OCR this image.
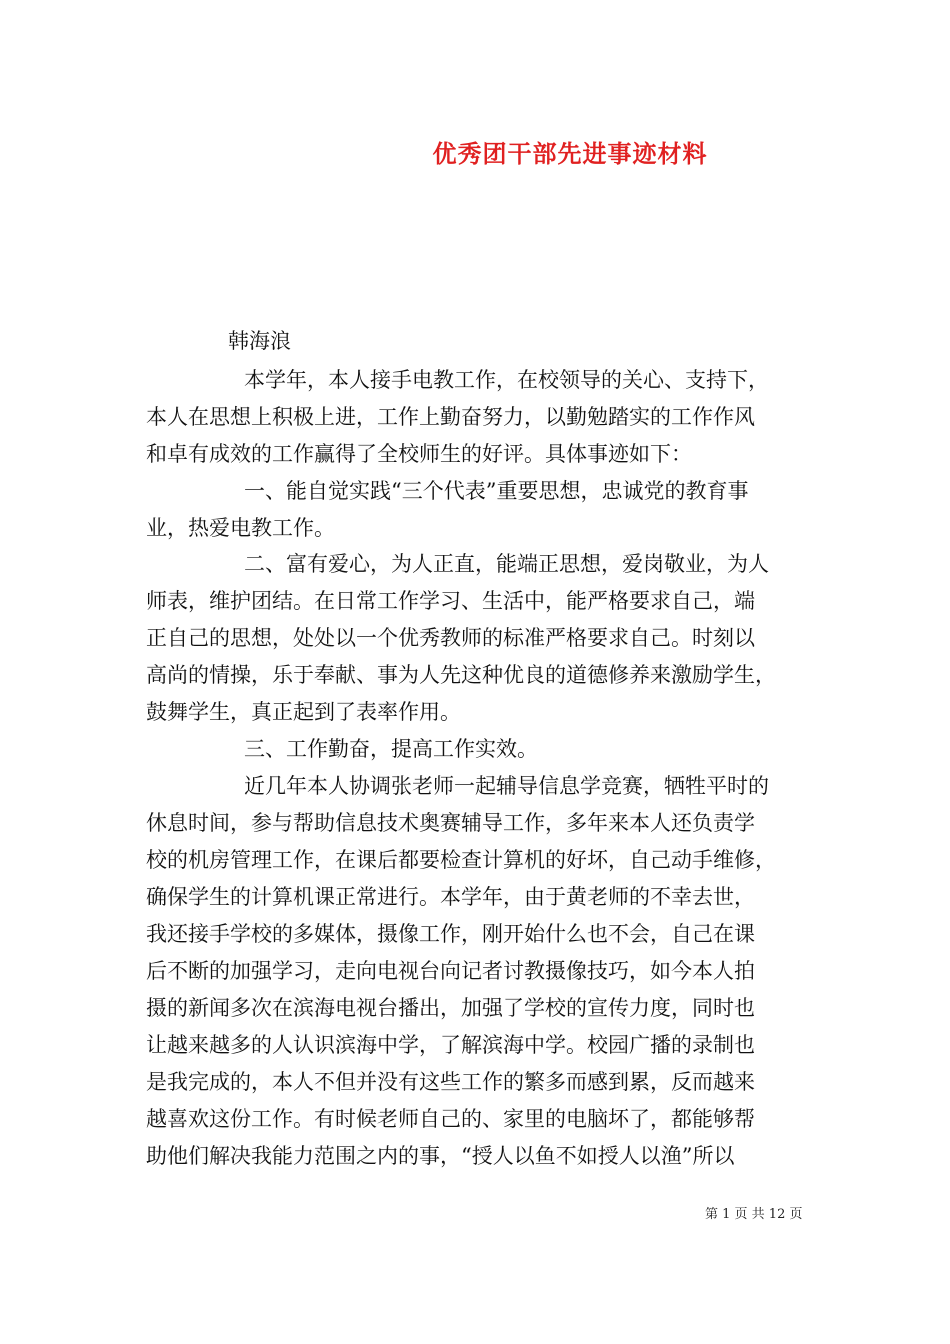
优秀团干部先进事迹材料
韩海浪
本学年，本人接手电教工作，在校领导的关心、支持下，
本人在思想上积极上进，工作上勤奋努力，以勤勉踏实的工作作风
和卓有成效的工作赢得了全校师生的好评。具体事迹如下：
一、能自觉实践“三个代表”重要思想，忠诚党的教育事
业，热爱电教工作。
二、富有爱心，为人正直，能端正思想，爱岗敬业，为人
师表，维护团结。在日常工作学习、生活中，能严格要求自己，端
正自己的思想，处处以一个优秀教师的标准严格要求自己。时刻以
高尚的情操，乐于奉献、事为人先这种优良的道德修养来激励学生，
鼓舞学生，真正起到了表率作用。
三、工作勤奋，提高工作实效。
近几年本人协调张老师一起辅导信息学竞赛，牺牲平时的
休息时间，参与帮助信息技术奥赛辅导工作，多年来本人还负责学
校的机房管理工作，在课后都要检查计算机的好坏，自己动手维修，
确保学生的计算机课正常进行。本学年，由于黄老师的不幸去世，
我还接手学校的多媒体，摄像工作，刚开始什么也不会，自己在课
后不断的加强学习，走向电视台向记者讨教摄像技巧，如今本人拍
摄的新闻多次在滨海电视台播出，加强了学校的宣传力度，同时也
让越来越多的人认识滨海中学，了解滨海中学。校园广播的录制也
是我完成的，本人不但并没有这些工作的繁多而感到累，反而越来
越喜欢这份工作。有时候老师自己的、家里的电脑坏了，都能够帮
助他们解决我能力范围之内的事，“授人以鱼不如授人以渔”所以
第 1 页 共 12 页
